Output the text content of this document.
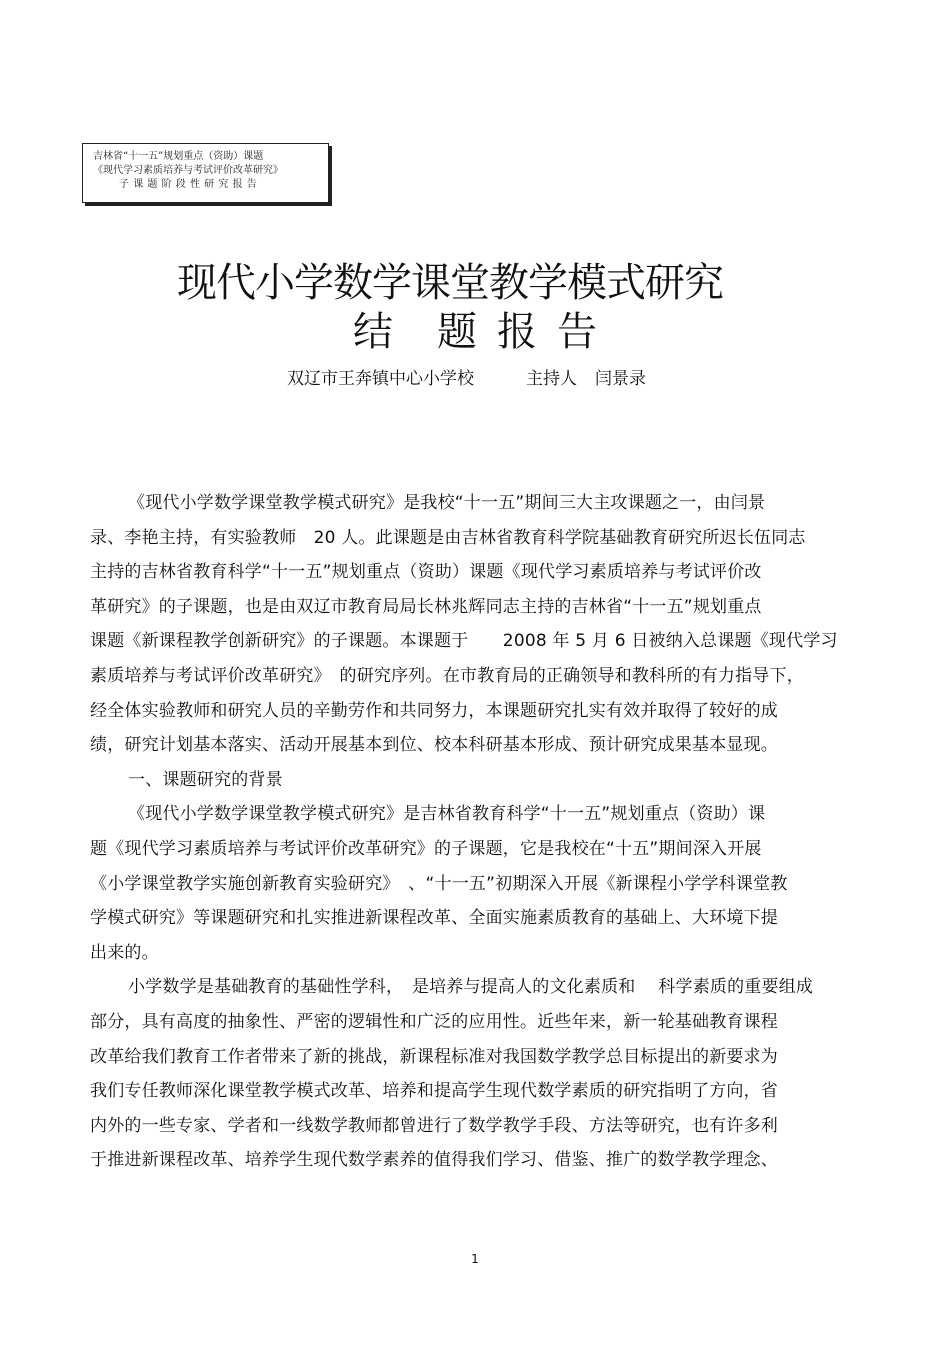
吉林省“十一五”规划重点（资助）课题
《现代学习素质培养与考试评价改革研究》
子课题阶段性研究报告
现代小学数学课堂教学模式研究
结 题 报 告
双辽市王奔镇中心小学校	主持人 闫景录
《现代小学数学课堂教学模式研究》是我校“十一五”期间三大主攻课题之一，由闫景
录、李艳主持，有实验教师　20 人。此课题是由吉林省教育科学院基础教育研究所迟长伍同志
主持的吉林省教育科学“十一五”规划重点（资助）课题《现代学习素质培养与考试评价改
革研究》的子课题，也是由双辽市教育局局长林兆辉同志主持的吉林省“十一五”规划重点
课题《新课程教学创新研究》的子课题。本课题于　　2008 年 5 月 6 日被纳入总课题《现代学习
素质培养与考试评价改革研究》　的研究序列。在市教育局的正确领导和教科所的有力指导下，
经全体实验教师和研究人员的辛勤劳作和共同努力，本课题研究扎实有效并取得了较好的成
绩，研究计划基本落实、活动开展基本到位、校本科研基本形成、预计研究成果基本显现。
一、课题研究的背景
《现代小学数学课堂教学模式研究》是吉林省教育科学“十一五”规划重点（资助）课
题《现代学习素质培养与考试评价改革研究》的子课题，它是我校在“十五”期间深入开展
《小学课堂教学实施创新教育实验研究》　、“十一五”初期深入开展《新课程小学学科课堂教
学模式研究》等课题研究和扎实推进新课程改革、全面实施素质教育的基础上、大环境下提
出来的。
小学数学是基础教育的基础性学科，　是培养与提高人的文化素质和　 科学素质的重要组成
部分，具有高度的抽象性、严密的逻辑性和广泛的应用性。近些年来，新一轮基础教育课程
改革给我们教育工作者带来了新的挑战，新课程标准对我国数学教学总目标提出的新要求为
我们专任教师深化课堂教学模式改革、培养和提高学生现代数学素质的研究指明了方向，省
内外的一些专家、学者和一线数学教师都曾进行了数学教学手段、方法等研究，也有许多利
于推进新课程改革、培养学生现代数学素养的值得我们学习、借鉴、推广的数学教学理念、
1
